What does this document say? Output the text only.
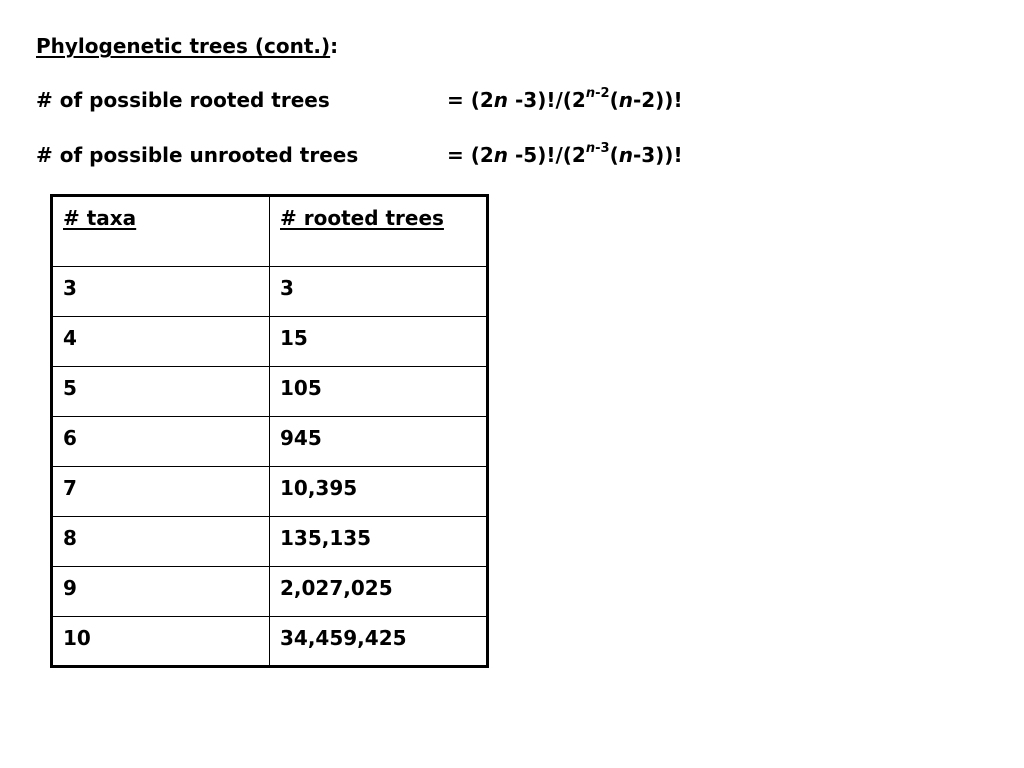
Phylogenetic trees (cont.):
# of possible rooted trees	= (2n -3)!/(2$^{n-2}$(n-2))!
# of possible unrooted trees	= (2n -5)!/(2$^{n-3}$(n-3))!
# taxa	# rooted trees
3	3
4	15
5	105
6	945
7	10,395
8	135,135
9	2,027,025
10	34,459,425
